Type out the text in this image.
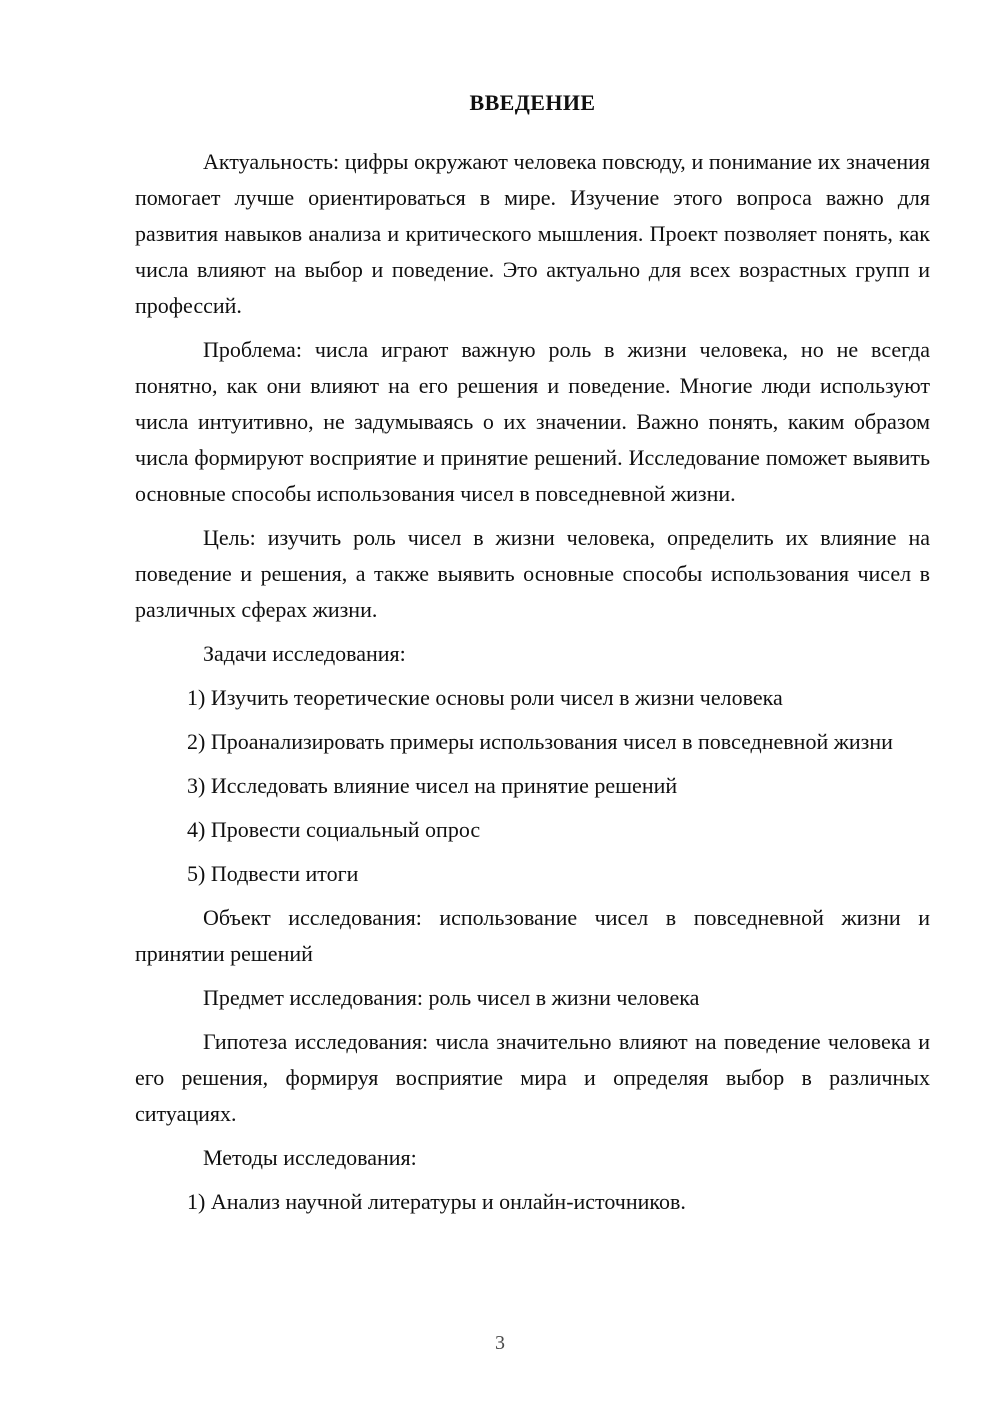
ВВЕДЕНИЕ

Актуальность: цифры окружают человека повсюду, и понимание их значения помогает лучше ориентироваться в мире. Изучение этого вопроса важно для развития навыков анализа и критического мышления. Проект позволяет понять, как числа влияют на выбор и поведение. Это актуально для всех возрастных групп и профессий.

Проблема: числа играют важную роль в жизни человека, но не всегда понятно, как они влияют на его решения и поведение. Многие люди используют числа интуитивно, не задумываясь о их значении. Важно понять, каким образом числа формируют восприятие и принятие решений. Исследование поможет выявить основные способы использования чисел в повседневной жизни.

Цель: изучить роль чисел в жизни человека, определить их влияние на поведение и решения, а также выявить основные способы использования чисел в различных сферах жизни.

Задачи исследования:

1) Изучить теоретические основы роли чисел в жизни человека

2) Проанализировать примеры использования чисел в повседневной жизни

3) Исследовать влияние чисел на принятие решений

4) Провести социальный опрос

5) Подвести итоги

Объект исследования: использование чисел в повседневной жизни и принятии решений

Предмет исследования: роль чисел в жизни человека

Гипотеза исследования: числа значительно влияют на поведение человека и его решения, формируя восприятие мира и определяя выбор в различных ситуациях.

Методы исследования:

1) Анализ научной литературы и онлайн-источников.

3
